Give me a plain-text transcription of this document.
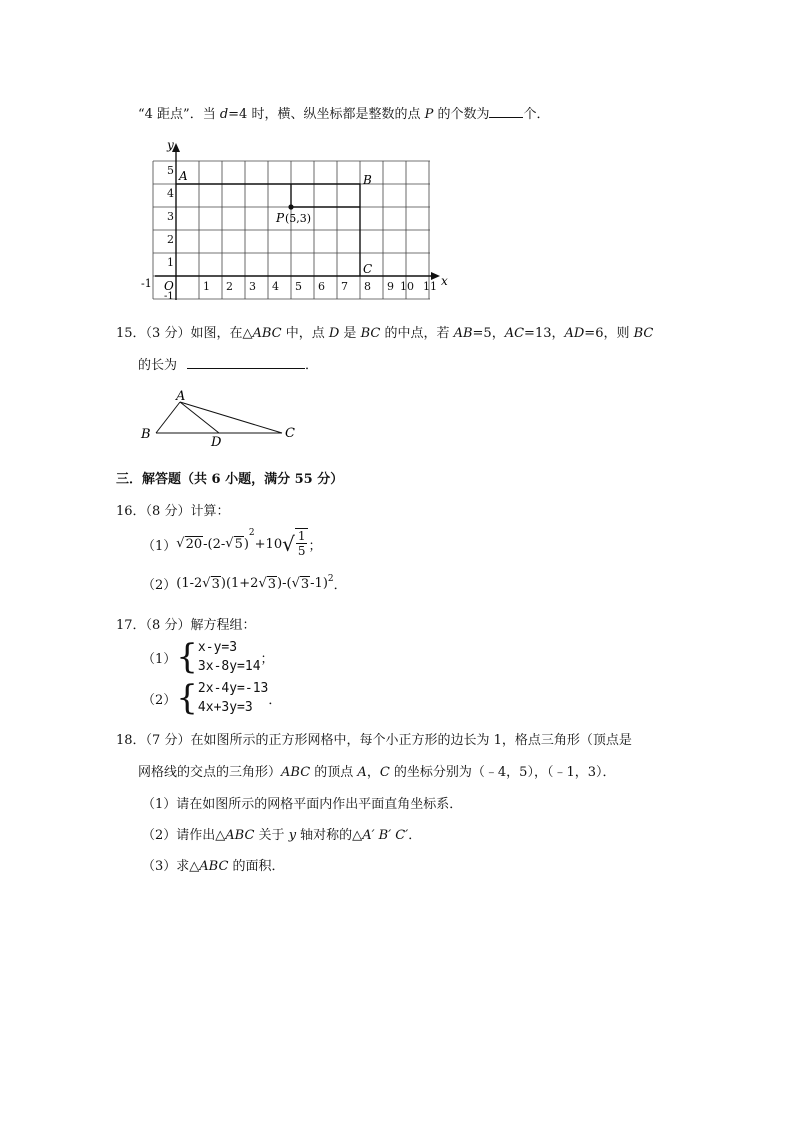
“4 距点”．当 d=4 时，横、纵坐标都是整数的点 P 的个数为	个．
1 2 3 4 5 6 7 8 9 10 11
1
2
3
4
5
y
x
-1
-1
O
A	B
C
P (5,3)
15．（3 分）如图，在△ABC 中，点 D 是 BC 的中点，若 AB=5，AC=13，AD=6，则 BC
的长为	．
A
B	C
D
三．解答题（共 6 小题，满分 55 分）
16．（8 分）计算：
（1） √ 20 -(2- √ 5 )
$^2$
+10 √ $\frac{1}{5}$ ；
（2） (1-2 √ 3 )(1+2 √ 3 )-( √ 3 -1)$^2$ ．
17．（8 分）解方程组：
（1） { x-y=3
3x-8y=14 ；
（2） { 2x-4y=-13
4x+3y=3	．
18．（7 分）在如图所示的正方形网格中，每个小正方形的边长为 1，格点三角形（顶点是
网格线的交点的三角形）ABC 的顶点 A，C 的坐标分别为（﹣4，5），（﹣1，3）．
（1）请在如图所示的网格平面内作出平面直角坐标系．
（2）请作出△ABC 关于 y 轴对称的△A′ B′ C′．
（3）求△ABC 的面积．
